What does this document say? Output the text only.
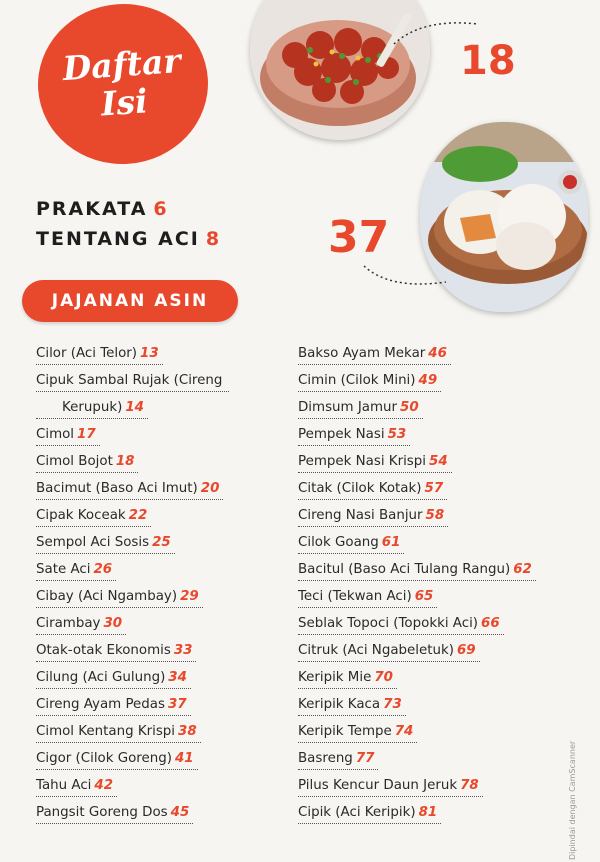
Daftar
Isi
18
37
PRAKATA 6
TENTANG ACI 8
JAJANAN ASIN
Cilor (Aci Telor) 13
Cipuk Sambal Rujak (Cireng
Kerupuk) 14
Cimol 17
Cimol Bojot 18
Bacimut (Baso Aci Imut) 20
Cipak Koceak 22
Sempol Aci Sosis 25
Sate Aci 26
Cibay (Aci Ngambay) 29
Cirambay 30
Otak-otak Ekonomis 33
Cilung (Aci Gulung) 34
Cireng Ayam Pedas 37
Cimol Kentang Krispi 38
Cigor (Cilok Goreng) 41
Tahu Aci 42
Pangsit Goreng Dos 45
Bakso Ayam Mekar 46
Cimin (Cilok Mini) 49
Dimsum Jamur 50
Pempek Nasi 53
Pempek Nasi Krispi 54
Citak (Cilok Kotak) 57
Cireng Nasi Banjur 58
Cilok Goang 61
Bacitul (Baso Aci Tulang Rangu) 62
Teci (Tekwan Aci) 65
Seblak Topoci (Topokki Aci) 66
Citruk (Aci Ngabeletuk) 69
Keripik Mie 70
Keripik Kaca 73
Keripik Tempe 74
Basreng 77
Pilus Kencur Daun Jeruk 78
Cipik (Aci Keripik) 81	Dipindai dengan CamScanner
